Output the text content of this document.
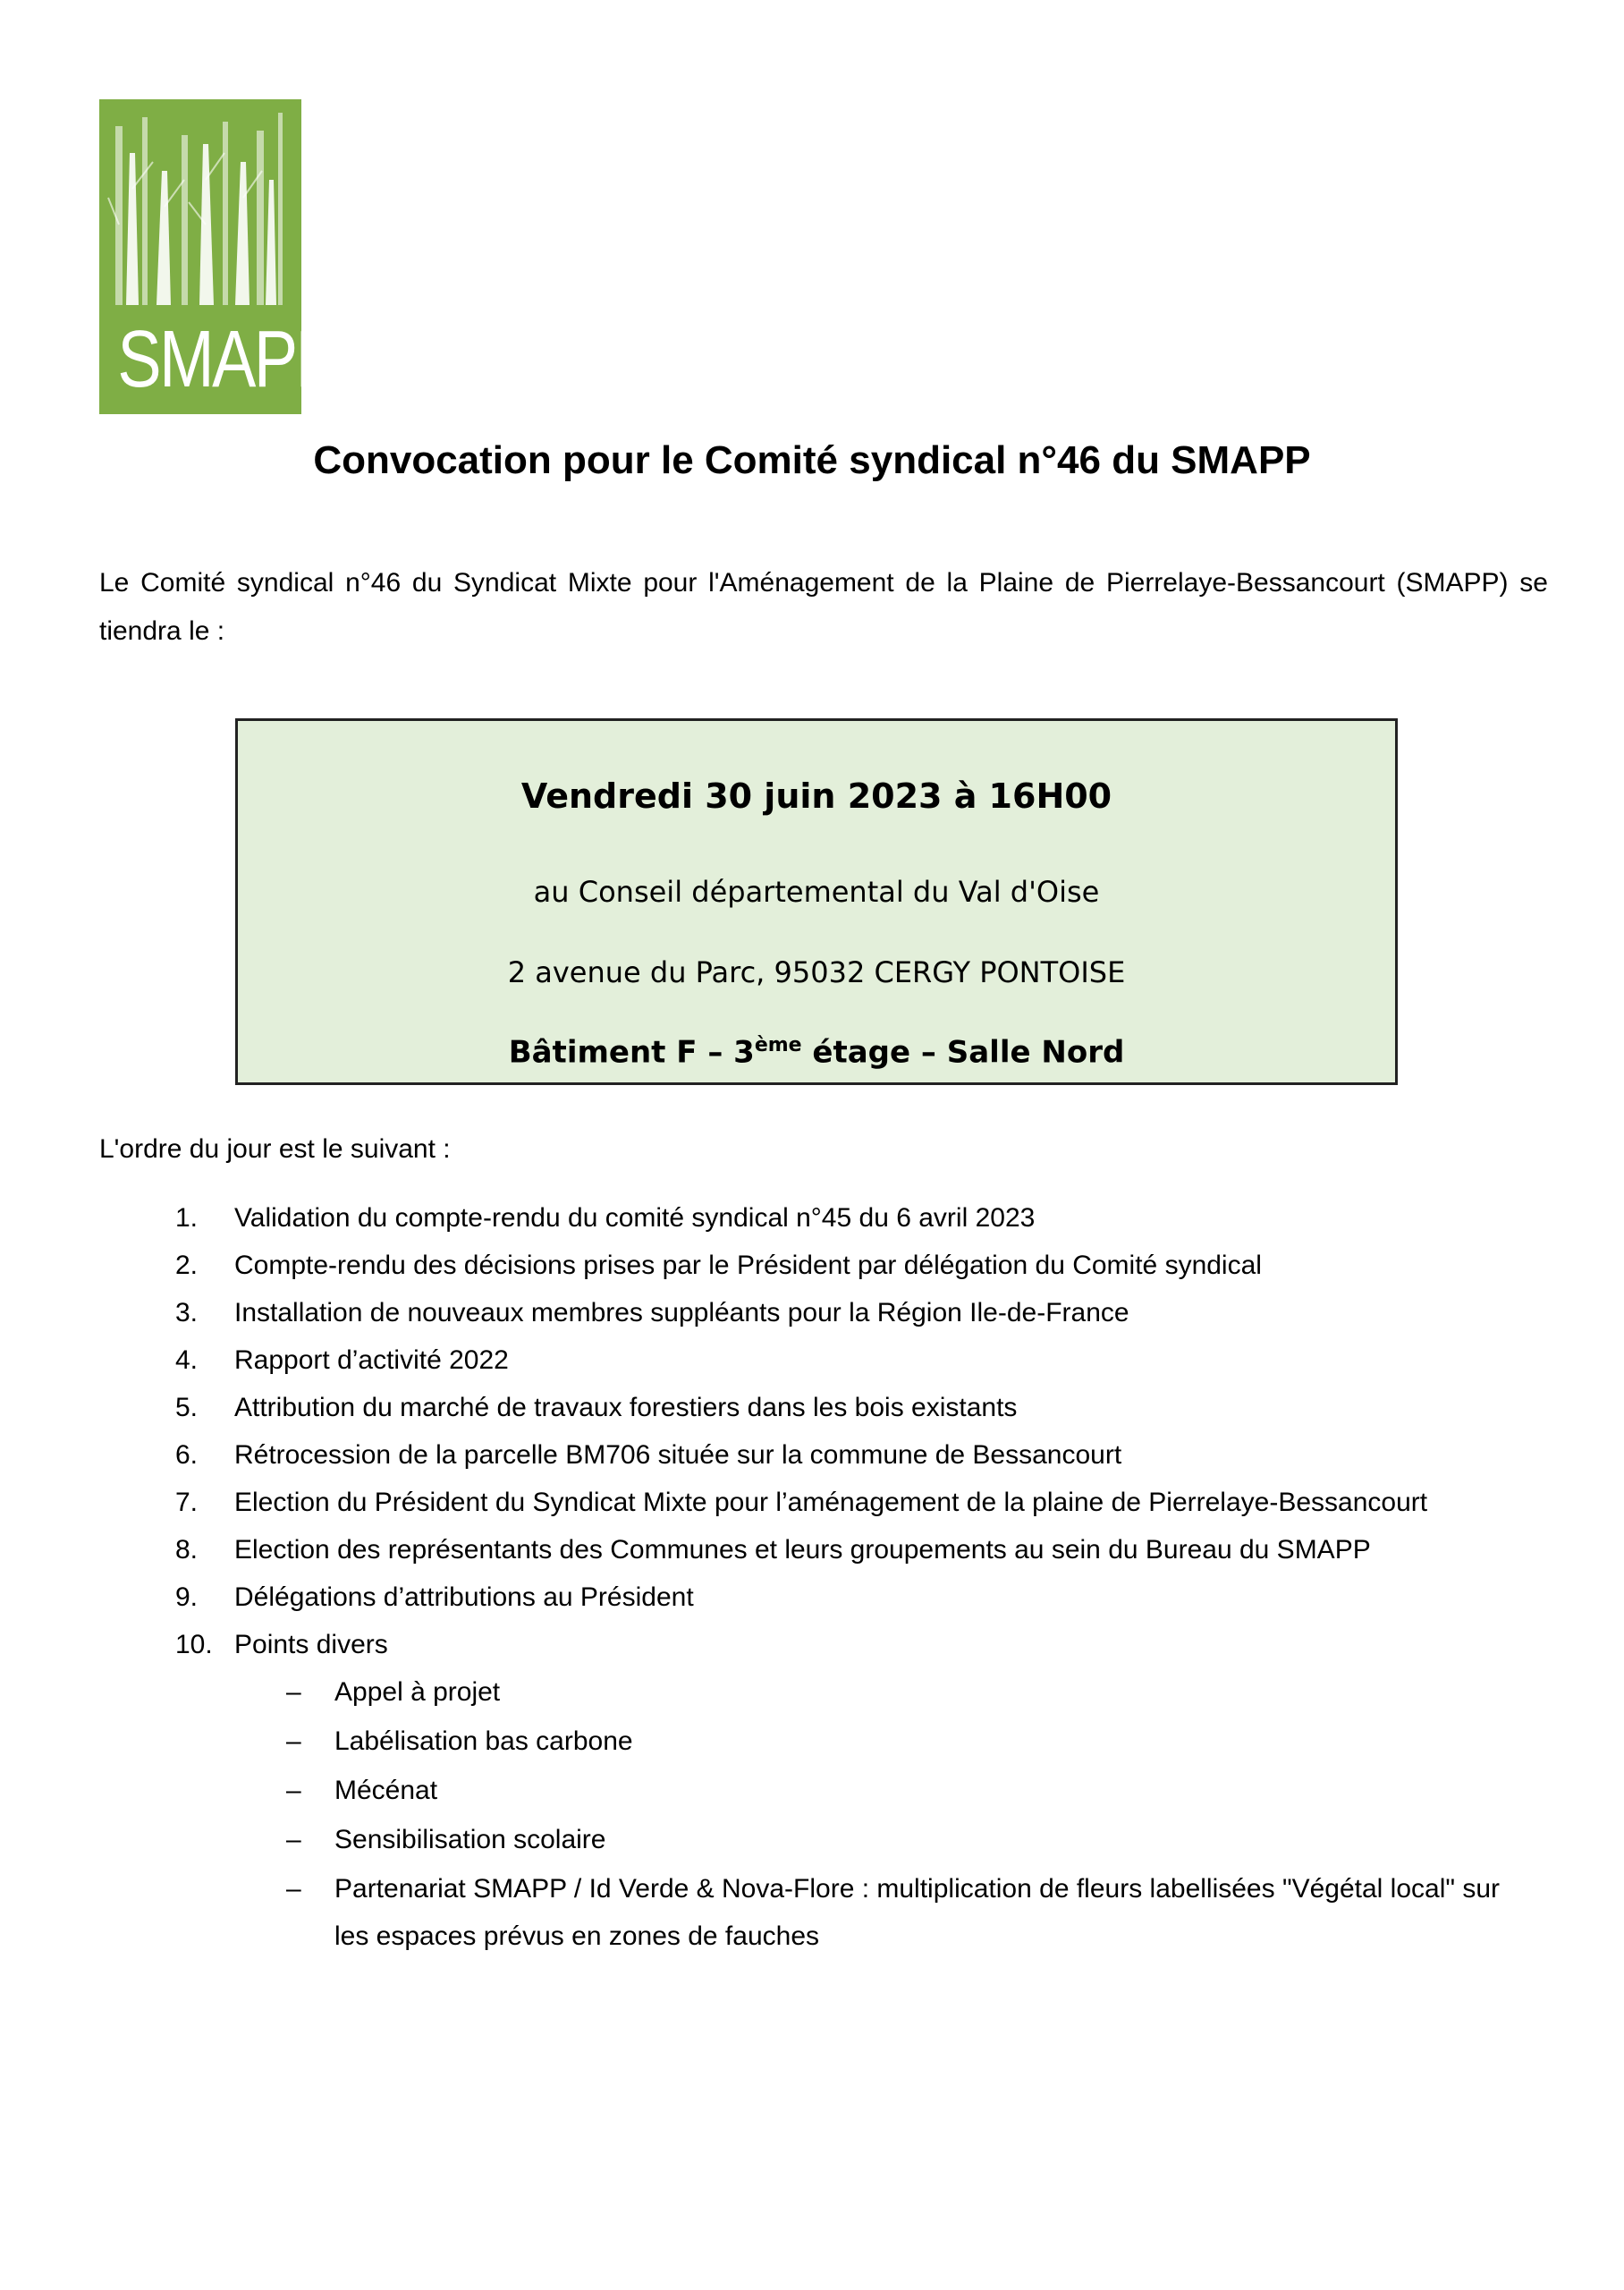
SMAPP
Convocation pour le Comité syndical n°46 du SMAPP
Le Comité syndical n°46 du Syndicat Mixte pour l'Aménagement de la Plaine de Pierrelaye-Bessancourt (SMAPP) se tiendra le :
Vendredi 30 juin 2023 à 16H00
au Conseil départemental du Val d'Oise
2 avenue du Parc, 95032 CERGY PONTOISE
Bâtiment F – 3ème étage – Salle Nord
L'ordre du jour est le suivant :
1. Validation du compte-rendu du comité syndical n°45 du 6 avril 2023
2. Compte-rendu des décisions prises par le Président par délégation du Comité syndical
3. Installation de nouveaux membres suppléants pour la Région Ile-de-France
4. Rapport d’activité 2022
5. Attribution du marché de travaux forestiers dans les bois existants
6. Rétrocession de la parcelle BM706 située sur la commune de Bessancourt
7. Election du Président du Syndicat Mixte pour l’aménagement de la plaine de Pierrelaye-Bessancourt
8. Election des représentants des Communes et leurs groupements au sein du Bureau du SMAPP
9. Délégations d’attributions au Président
10. Points divers
– Appel à projet
– Labélisation bas carbone
– Mécénat
– Sensibilisation scolaire
– Partenariat SMAPP / Id Verde & Nova-Flore : multiplication de fleurs labellisées "Végétal local" sur les espaces prévus en zones de fauches
